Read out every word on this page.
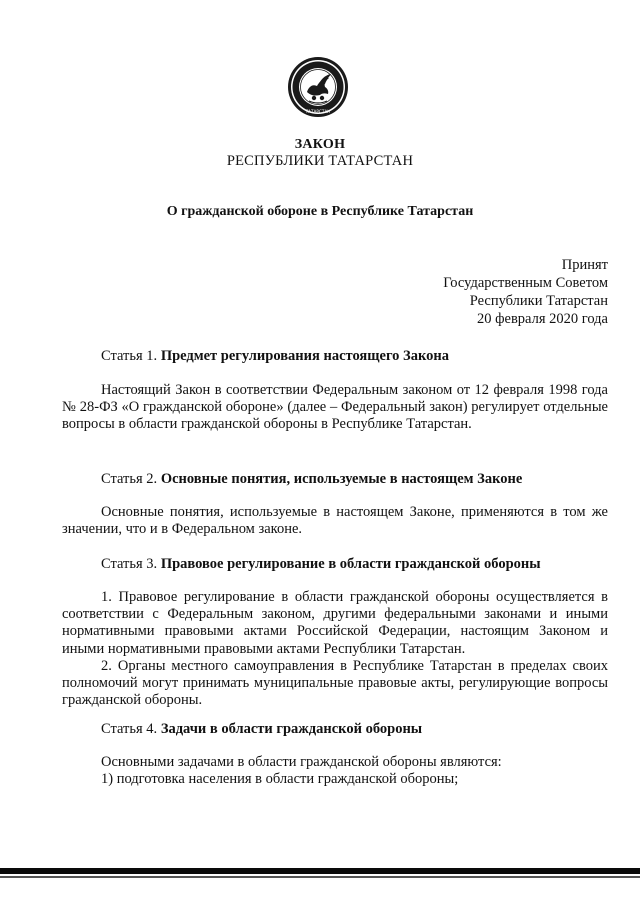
ТАТАРСТАН
ЗАКОН
РЕСПУБЛИКИ ТАТАРСТАН
О гражданской обороне в Республике Татарстан
Принят
Государственным Советом
Республики Татарстан
20 февраля 2020 года

Статья 1. Предмет регулирования настоящего Закона

Настоящий Закон в соответствии Федеральным законом от 12 февраля 1998 года № 28-ФЗ «О гражданской обороне» (далее – Федеральный закон) регулирует отдельные вопросы в области гражданской обороны в Республике Татарстан.

Статья 2. Основные понятия, используемые в настоящем Законе

Основные понятия, используемые в настоящем Законе, применяются в том же значении, что и в Федеральном законе.

Статья 3. Правовое регулирование в области гражданской обороны

1. Правовое регулирование в области гражданской обороны осуществляется в соответствии с Федеральным законом, другими федеральными законами и иными нормативными правовыми актами Российской Федерации, настоящим Законом и иными нормативными правовыми актами Республики Татарстан.

2. Органы местного самоуправления в Республике Татарстан в пределах своих полномочий могут принимать муниципальные правовые акты, регулирующие вопросы гражданской обороны.

Статья 4. Задачи в области гражданской обороны

Основными задачами в области гражданской обороны являются:

1) подготовка населения в области гражданской обороны;
